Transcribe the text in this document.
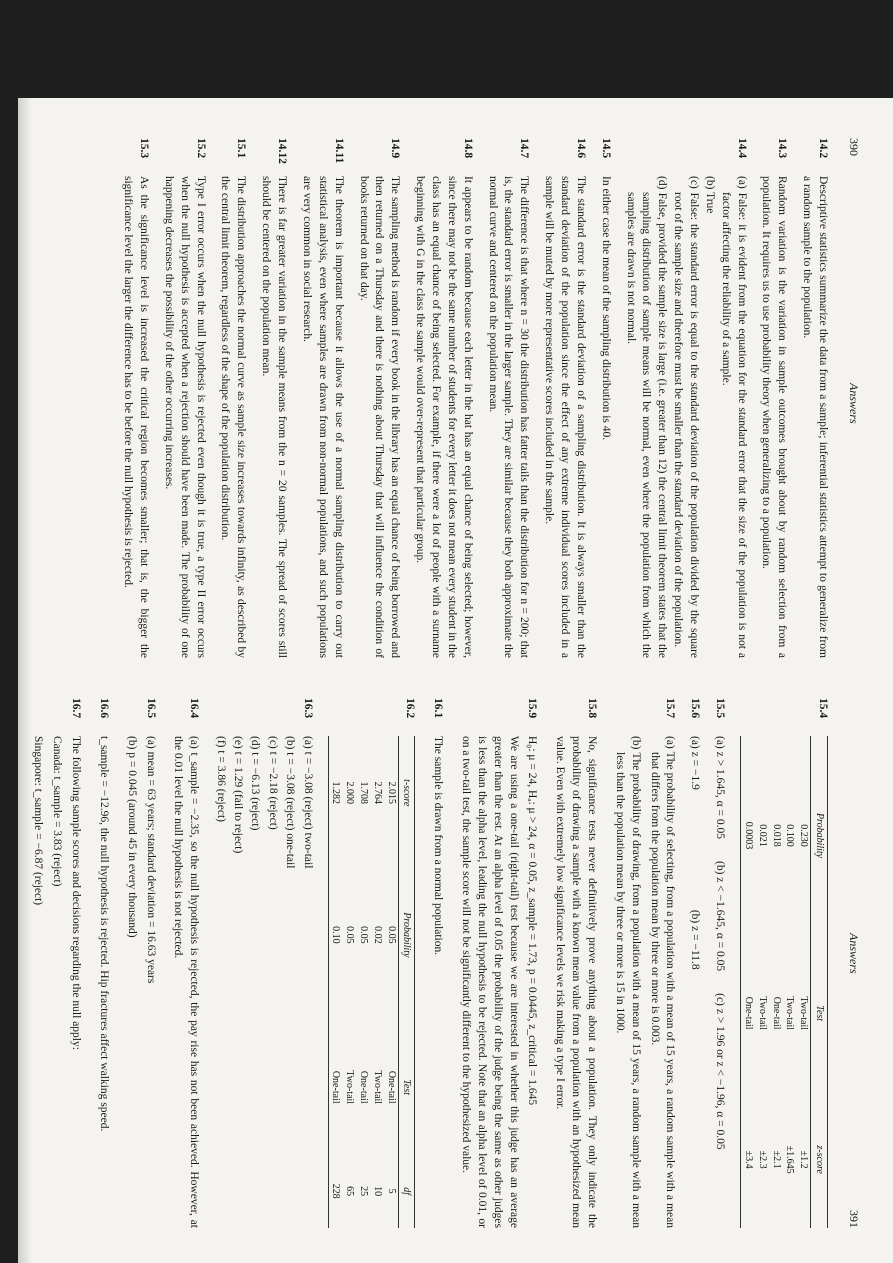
390
Answers
14.2
Descriptive statistics summarize the data from a sample; inferential statistics attempt to generalize from a random sample to the population.
14.3
Random variation is the variation in sample outcomes brought about by random selection from a population. It requires us to use probability theory when generalizing to a population.
14.4
(a) False: it is evident from the equation for the standard error that the size of the population is not a factor affecting the reliability of a sample.
(b) True
(c) False: the standard error is equal to the standard deviation of the population divided by the square root of the sample size and therefore must be smaller than the standard deviation of the population.
(d) False, provided the sample size is large (i.e. greater than 12) the central limit theorem states that the sampling distribution of sample means will be normal, even where the population from which the samples are drawn is not normal.
14.5
In either case the mean of the sampling distribution is 40.
14.6
The standard error is the standard deviation of a sampling distribution. It is always smaller than the standard deviation of the population since the effect of any extreme individual scores included in a sample will be muted by more representative scores included in the sample.
14.7
The difference is that where n = 30 the distribution has fatter tails than the distribution for n = 200; that is, the standard error is smaller in the larger sample. They are similar because they both approximate the normal curve and centered on the population mean.
14.8
It appears to be random because each letter in the hat has an equal chance of being selected; however, since there may not be the same number of students for every letter it does not mean every student in the class has an equal chance of being selected. For example, if there were a lot of people with a surname beginning with G in the class the sample would over-represent that particular group.
14.9
The sampling method is random if every book in the library has an equal chance of being borrowed and then returned on a Thursday and there is nothing about Thursday that will influence the condition of books returned on that day.
14.11
The theorem is important because it allows the use of a normal sampling distribution to carry out statistical analysis, even where samples are drawn from non-normal populations, and such populations are very common in social research.
14.12
There is far greater variation in the sample means from the n = 20 samples. The spread of scores still should be centered on the population mean.
15.1
The distribution approaches the normal curve as sample size increases towards infinity, as described by the central limit theorem, regardless of the shape of the population distribution.
15.2
Type I error occurs when the null hypothesis is rejected even though it is true, a type II error occurs when the null hypothesis is accepted when a rejection should have been made. The probability of one happening decreases the possibility of the other occurring increases.
15.3
As the significance level is increased the critical region becomes smaller; that is, the bigger the significance level the larger the difference has to be before the null hypothesis is rejected.
Answers
391
15.4
Probability	Test	z-score
0.230	Two-tail	±1.2
0.100	Two-tail	±1.645
0.018	One-tail	±2.1
0.021	Two-tail	±2.3
0.0003	One-tail	±3.4
15.5
(a) z > 1.645, α = 0.05
(b) z < −1.645, α = 0.05
(c) z > 1.96 or z < −1.96, α = 0.05
15.6
(a) z = −1.9
(b) z = −11.8
15.7
(a) The probability of selecting, from a population with a mean of 15 years, a random sample with a mean that differs from the population mean by three or more is 0.003.
(b) The probability of drawing, from a population with a mean of 15 years, a random sample with a mean less than the population mean by three or more is 15 in 1000.
15.8
No, significance tests never definitively prove anything about a population. They only indicate the probability of drawing a sample with a known mean value from a population with an hypothesized mean value. Even with extremely low significance levels we risk making a type I error.
15.9
H₀: μ = 24, Hₐ: μ > 24, α = 0.05, z_sample = 1.73, p = 0.0445, z_critical = 1.645
We are using a one-tail (right-tail) test because we are interested in whether this judge has an average greater than the rest. At an alpha level of 0.05 the probability of the judge being the same as other judges is less than the alpha level, leading the null hypothesis to be rejected. Note that an alpha level of 0.01, or on a two-tail test, the sample score will not be significantly different to the hypothesized value.
16.1
The sample is drawn from a normal population.
16.2
t-score	Probability	Test	df
2.015	0.05	One-tail	5
2.764	0.02	Two-tail	10
1.708	0.05	One-tail	25
2.000	0.05	Two-tail	65
1.282	0.10	One-tail	228
16.3
(a) t = −3.08 (reject) two-tail
(b) t = −3.08 (reject) one-tail
(c) t = −2.18 (reject)
(d) t = −6.13 (reject)
(e) t = 1.29 (fail to reject)
(f) t = 3.86 (reject)
16.4
(a) t_sample = −2.35, so the null hypothesis is rejected, the pay rise has not been achieved. However, at the 0.01 level the null hypothesis is not rejected.
16.5
(a) mean = 63 years; standard deviation = 16.63 years
(b) p = 0.045 (around 45 in every thousand)
16.6
t_sample = −12.96, the null hypothesis is rejected. Hip fractures affect walking speed.
16.7
The following sample scores and decisions regarding the null apply:
Canada: t_sample = 3.83 (reject)
Singapore: t_sample = −6.87 (reject)
